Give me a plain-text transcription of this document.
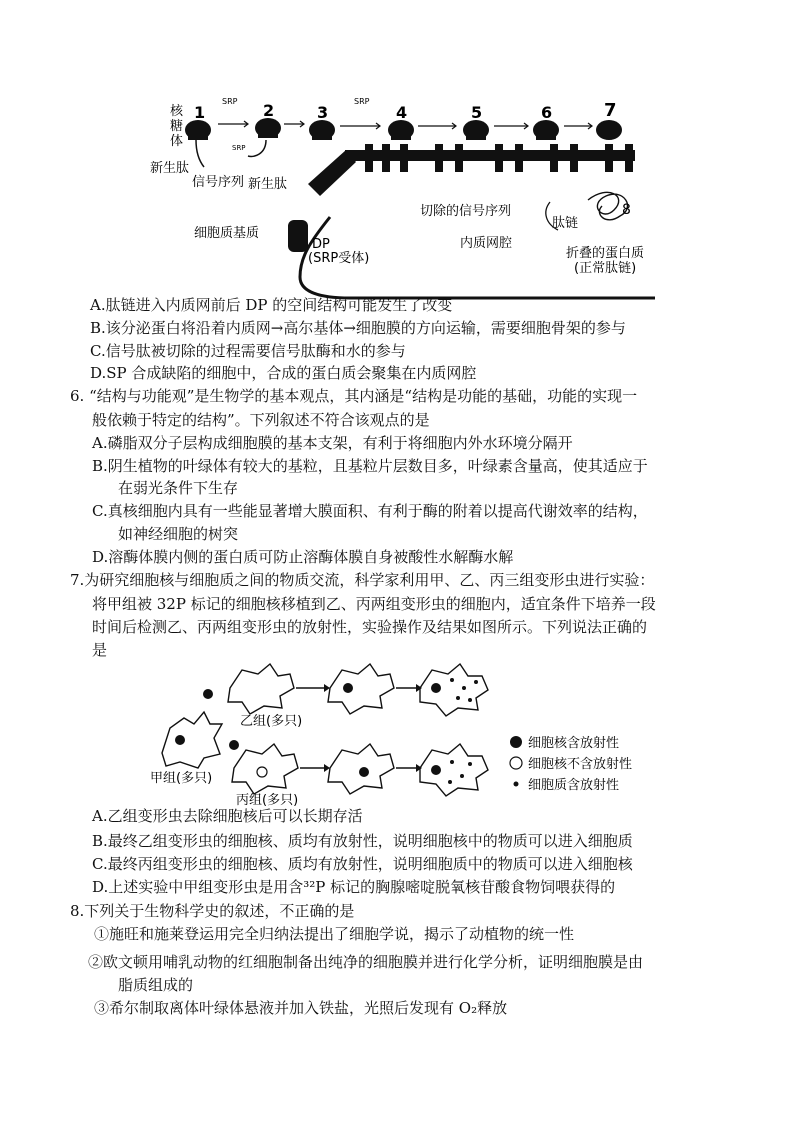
1	2	3	4	5	6	7
SRP
SRP
SRP
核
糖
体
新生肽
信号序列 新生肽
细胞质基质
DP
(SRP受体)
切除的信号序列
内质网腔
肽链
8
折叠的蛋白质
(正常肽链)
A.肽链进入内质网前后 DP 的空间结构可能发生了改变
B.该分泌蛋白将沿着内质网→高尔基体→细胞膜的方向运输，需要细胞骨架的参与
C.信号肽被切除的过程需要信号肽酶和水的参与
D.SP 合成缺陷的细胞中，合成的蛋白质会聚集在内质网腔
6. “结构与功能观”是生物学的基本观点，其内涵是“结构是功能的基础，功能的实现一
般依赖于特定的结构”。下列叙述不符合该观点的是
A.磷脂双分子层构成细胞膜的基本支架，有利于将细胞内外水环境分隔开
B.阴生植物的叶绿体有较大的基粒，且基粒片层数目多，叶绿素含量高，使其适应于
在弱光条件下生存
C.真核细胞内具有一些能显著增大膜面积、有利于酶的附着以提高代谢效率的结构，
如神经细胞的树突
D.溶酶体膜内侧的蛋白质可防止溶酶体膜自身被酸性水解酶水解
7.为研究细胞核与细胞质之间的物质交流，科学家利用甲、乙、丙三组变形虫进行实验：
将甲组被 32P 标记的细胞核移植到乙、丙两组变形虫的细胞内，适宜条件下培养一段
时间后检测乙、丙两组变形虫的放射性，实验操作及结果如图所示。下列说法正确的
是
细胞核含放射性
细胞核不含放射性
细胞质含放射性
乙组(多只)
甲组(多只)
丙组(多只)
A.乙组变形虫去除细胞核后可以长期存活
B.最终乙组变形虫的细胞核、质均有放射性，说明细胞核中的物质可以进入细胞质
C.最终丙组变形虫的细胞核、质均有放射性，说明细胞质中的物质可以进入细胞核
D.上述实验中甲组变形虫是用含³²P 标记的胸腺嘧啶脱氧核苷酸食物饲喂获得的
8.下列关于生物科学史的叙述，不正确的是
①施旺和施莱登运用完全归纳法提出了细胞学说，揭示了动植物的统一性
②欧文顿用哺乳动物的红细胞制备出纯净的细胞膜并进行化学分析，证明细胞膜是由
脂质组成的
③希尔制取离体叶绿体悬液并加入铁盐，光照后发现有 O₂释放
